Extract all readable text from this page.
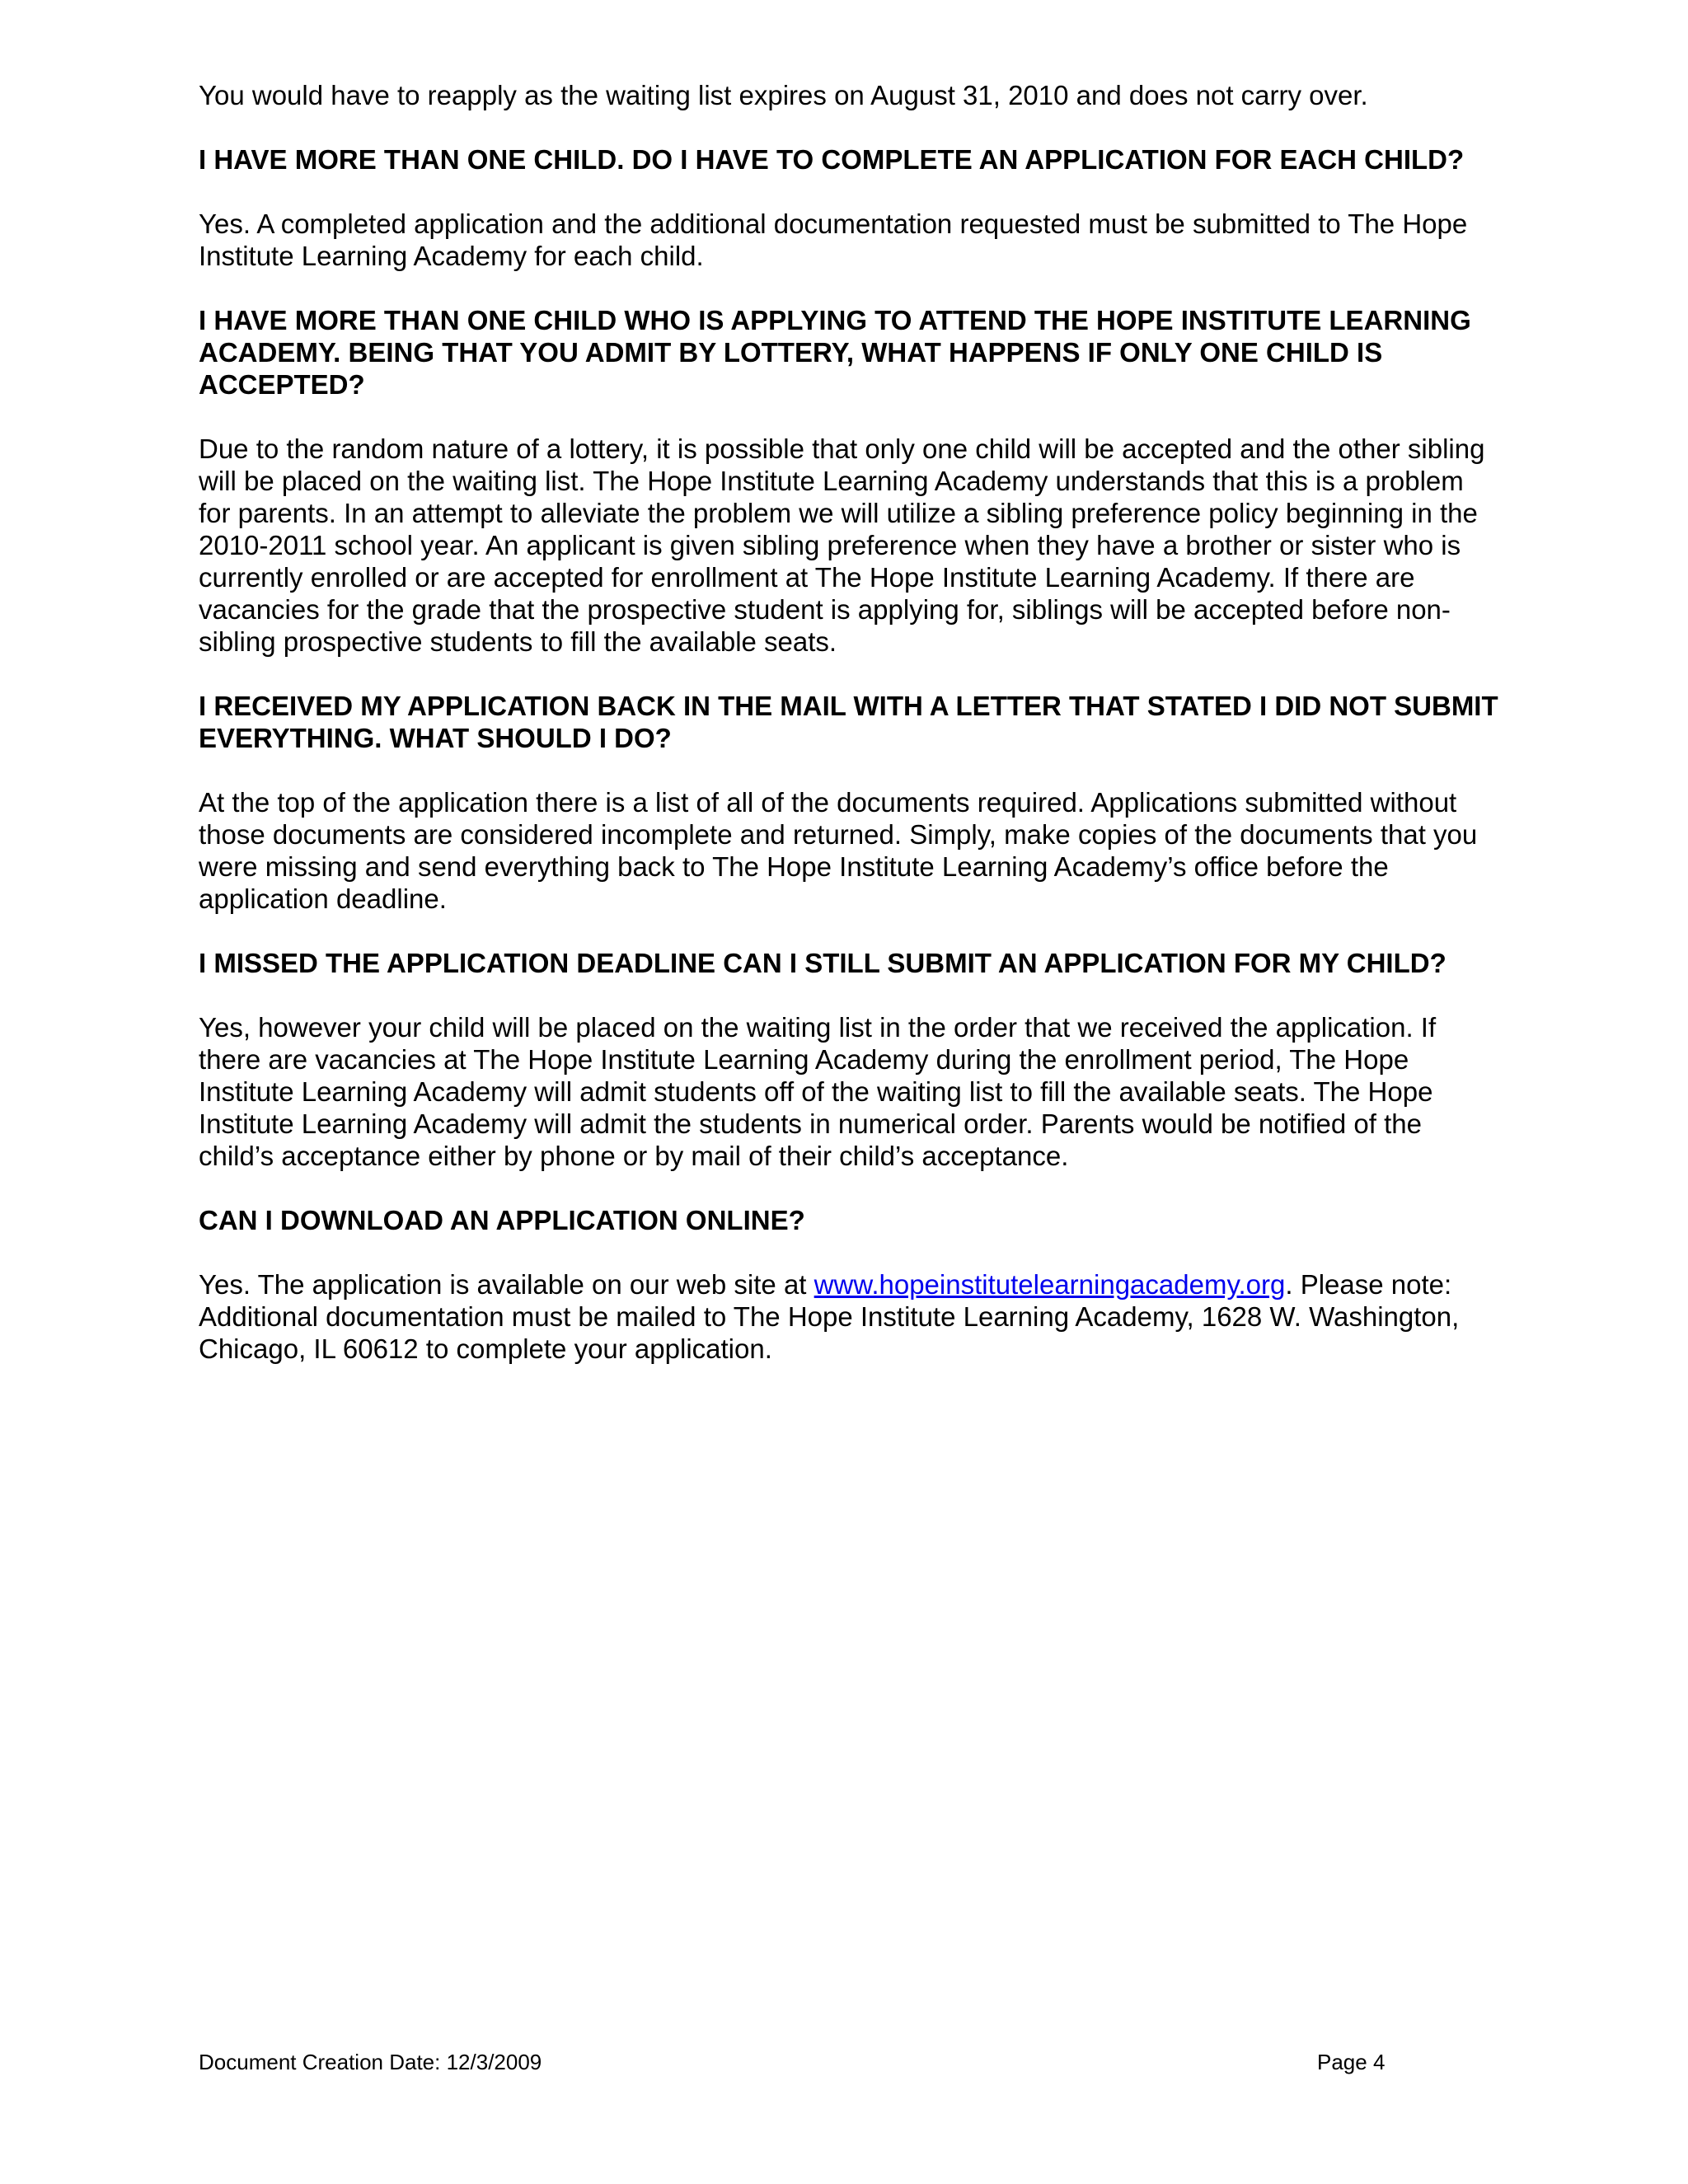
You would have to reapply as the waiting list expires on August 31, 2010 and does not carry over.

I HAVE MORE THAN ONE CHILD. DO I HAVE TO COMPLETE AN APPLICATION FOR EACH CHILD?

Yes. A completed application and the additional documentation requested must be submitted to The Hope Institute Learning Academy for each child.

I HAVE MORE THAN ONE CHILD WHO IS APPLYING TO ATTEND THE HOPE INSTITUTE LEARNING ACADEMY. BEING THAT YOU ADMIT BY LOTTERY, WHAT HAPPENS IF ONLY ONE CHILD IS ACCEPTED?

Due to the random nature of a lottery, it is possible that only one child will be accepted and the other sibling will be placed on the waiting list. The Hope Institute Learning Academy understands that this is a problem for parents. In an attempt to alleviate the problem we will utilize a sibling preference policy beginning in the 2010-2011 school year. An applicant is given sibling preference when they have a brother or sister who is currently enrolled or are accepted for enrollment at The Hope Institute Learning Academy. If there are vacancies for the grade that the prospective student is applying for, siblings will be accepted before non-sibling prospective students to fill the available seats.

I RECEIVED MY APPLICATION BACK IN THE MAIL WITH A LETTER THAT STATED I DID NOT SUBMIT EVERYTHING. WHAT SHOULD I DO?

At the top of the application there is a list of all of the documents required. Applications submitted without those documents are considered incomplete and returned. Simply, make copies of the documents that you were missing and send everything back to The Hope Institute Learning Academy’s office before the application deadline.

I MISSED THE APPLICATION DEADLINE CAN I STILL SUBMIT AN APPLICATION FOR MY CHILD?

Yes, however your child will be placed on the waiting list in the order that we received the application. If there are vacancies at The Hope Institute Learning Academy during the enrollment period, The Hope Institute Learning Academy will admit students off of the waiting list to fill the available seats. The Hope Institute Learning Academy will admit the students in numerical order. Parents would be notified of the child’s acceptance either by phone or by mail of their child’s acceptance.

CAN I DOWNLOAD AN APPLICATION ONLINE?

Yes. The application is available on our web site at www.hopeinstitutelearningacademy.org. Please note: Additional documentation must be mailed to The Hope Institute Learning Academy, 1628 W. Washington, Chicago, IL 60612 to complete your application.

Document Creation Date: 12/3/2009	Page 4
